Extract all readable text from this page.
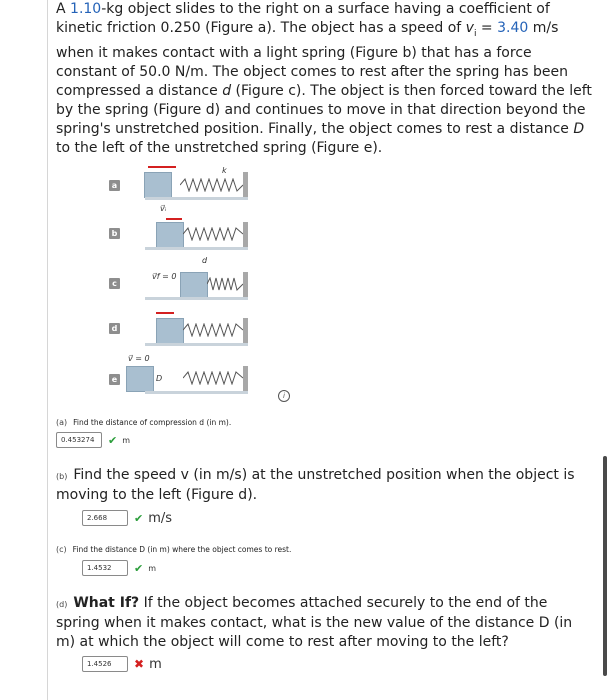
A 1.10-kg object slides to the right on a surface having a coefficient of kinetic friction 0.250 (Figure a). The object has a speed of $v_i = 3.40$ m/s when it makes contact with a light spring (Figure b) that has a force constant of 50.0 N/m. The object comes to rest after the spring has been compressed a distance d (Figure c). The object is then forced toward the left by the spring (Figure d) and continues to move in that direction beyond the spring's unstretched position. Finally, the object comes to rest a distance D to the left of the unstretched spring (Figure e).

a
k
b
v⃗ᵢ
c
d
v⃗f = 0
d
e
v⃗ = 0
D
i
(a) Find the distance of compression d (in m).
0.453274	✔ m
(b) Find the speed v (in m/s) at the unstretched position when the object is moving to the left (Figure d).
2.668	✔ m/s
(c) Find the distance D (in m) where the object comes to rest.
1.4532	✔ m
(d) What If? If the object becomes attached securely to the end of the spring when it makes contact, what is the new value of the distance D (in m) at which the object will come to rest after moving to the left?
1.4526	✖ m
